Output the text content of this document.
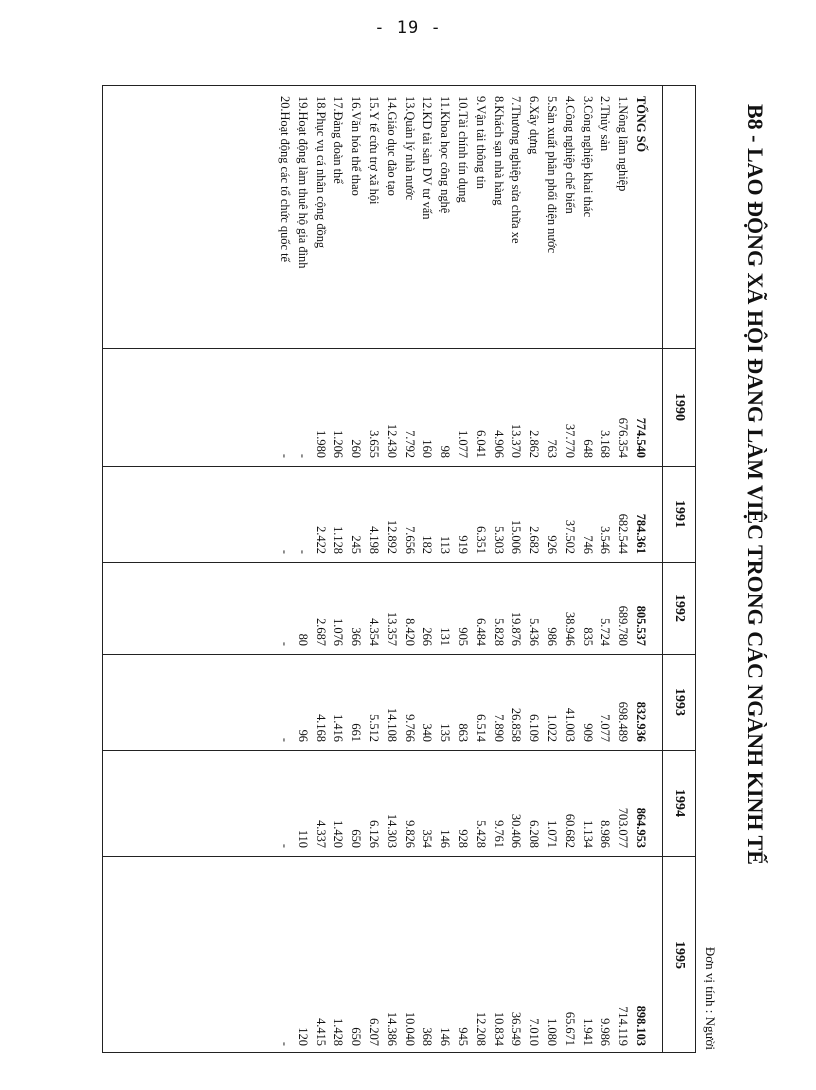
- 19 -
B8 - LAO ĐỘNG XÃ HỘI ĐANG LÀM VIỆC TRONG CÁC NGÀNH KINH TẾ
Đơn vị tính : Người
1990
1991
1992
1993
1994
1995
TỔNG SỐ
774.540
784.361
805.537
832.936
864.953
898.103
1.Nông lâm nghiệp
676.354
682.544
689.780
698.489
703.077
714.119
2.Thủy sản
3.168
3.546
5.724
7.077
8.986
9.986
3.Công nghiệp khai thác
648
746
835
909
1.134
1.941
4.Công nghiệp chế biến
37.770
37.502
38.946
41.003
60.682
65.671
5.Sản xuất phân phối điện nước
763
926
986
1.022
1.071
1.080
6.Xây dựng
2.862
2.682
5.436
6.109
6.208
7.010
7.Thương nghiệp sửa chữa xe
13.370
15.006
19.876
26.858
30.406
36.549
8.Khách sạn nhà hàng
4.906
5.303
5.828
7.890
9.761
10.834
9.Vận tải thông tin
6.041
6.351
6.484
6.514
5.428
12.208
10.Tài chính tín dụng
1.077
919
905
863
928
945
11.Khoa học công nghệ
98
113
131
135
146
146
12.KD tài sản DV tư vấn
160
182
266
340
354
368
13.Quản lý nhà nước
7.792
7.656
8.420
9.766
9.826
10.040
14.Giáo dục đào tạo
12.430
12.892
13.357
14.108
14.303
14.386
15.Y tế cứu trợ xã hội
3.655
4.198
4.354
5.512
6.126
6.207
16.Văn hóa thể thao
260
245
366
661
650
650
17.Đảng đoàn thể
1.206
1.128
1.076
1.416
1.420
1.428
18.Phục vụ cá nhân cộng đồng
1.980
2.422
2.687
4.168
4.337
4.415
19.Hoạt động làm thuê hộ gia đình
-
-
80
96
110
120
20.Hoạt động các tổ chức quốc tế
-
-
-
-
-
-
